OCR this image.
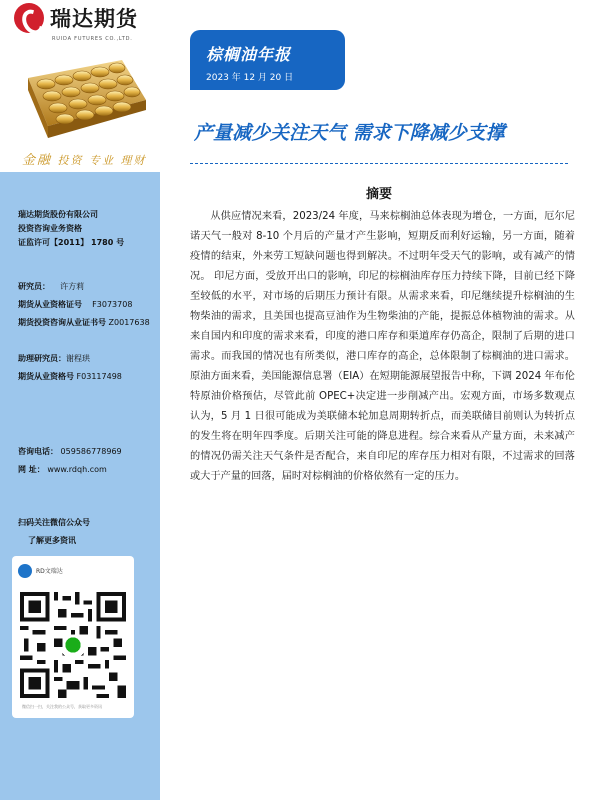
瑞达期货
RUIDA FUTURES CO.,LTD.
金融 投资 专业 理财
瑞达期货股份有限公司
投资咨询业务资格
证监许可【2011】 1780 号
研究员： 许方莉
期货从业资格证号 F3073708
期货投资咨询从业证书号 Z0017638
助理研究员：谢程珙
期货从业资格号 F03117498
咨询电话： 059586778969
网 址： www.rdqh.com
扫码关注微信公众号
了解更多资讯
RD文瑞达
微信扫一扫，关注我的公众号，获取更多资讯
棕榈油年报
2023 年 12 月 20 日
产量减少关注天气 需求下降减少支撑
摘要

从供应情况来看，2023/24 年度，马来棕榈油总体表现为增仓，一方面，厄尔尼诺天气一般对 8-10 个月后的产量才产生影响，短期反而利好运输，另一方面，随着疫情的结束，外来劳工短缺问题也得到解决。不过明年受天气的影响，或有减产的情况。 印尼方面，受放开出口的影响，印尼的棕榈油库存压力持续下降，目前已经下降至较低的水平，对市场的后期压力预计有限。从需求来看，印尼继续提升棕榈油的生物柴油的需求，且美国也提高豆油作为生物柴油的产能，提振总体植物油的需求。从来自国内和印度的需求来看，印度的港口库存和渠道库存仍高企，限制了后期的进口需求。而我国的情况也有所类似，港口库存的高企，总体限制了棕榈油的进口需求。原油方面来看，美国能源信息署（EIA）在短期能源展望报告中称，下调 2024 年布伦特原油价格预估，尽管此前 OPEC+决定进一步削减产出。宏观方面，市场多数观点认为，5 月 1 日很可能成为美联储本轮加息周期转折点，而美联储目前则认为转折点的发生将在明年四季度。后期关注可能的降息进程。综合来看从产量方面，未来减产的情况仍需关注天气条件是否配合，来自印尼的库存压力相对有限，不过需求的回落或大于产量的回落，届时对棕榈油的价格依然有一定的压力。
